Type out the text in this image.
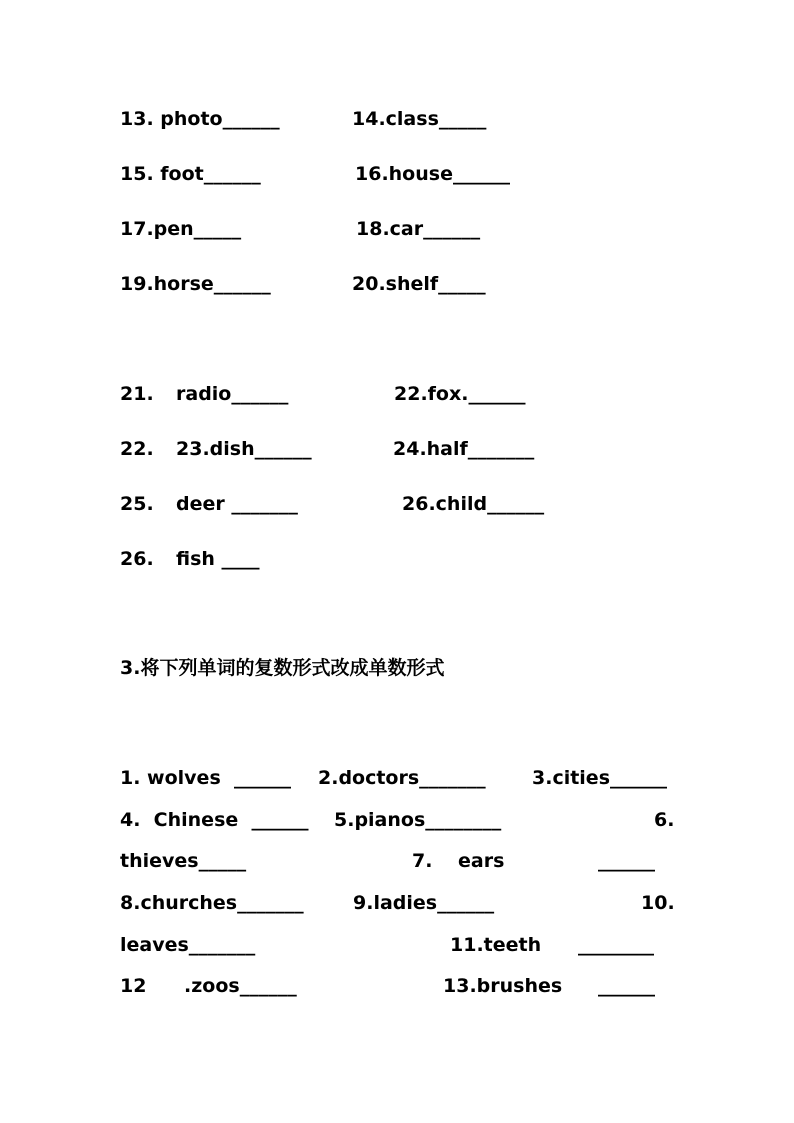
13. photo______	14.class_____
15. foot______	16.house______
17.pen_____	18.car______
19.horse______	20.shelf_____
21. radio______	22.fox.______
22. 23.dish______	24.half_______
25. deer _______	26.child______
26. fish ____
3.将下列单词的复数形式改成单数形式
1. wolves  ______ 2.doctors_______ 3.cities______
4.  Chinese  ______ 5.pianos________	6.
thieves_____	7. ears	______
8.churches_______	9.ladies______	10.
leaves_______	11.teeth ________
12 .zoos______	13.brushes ______
